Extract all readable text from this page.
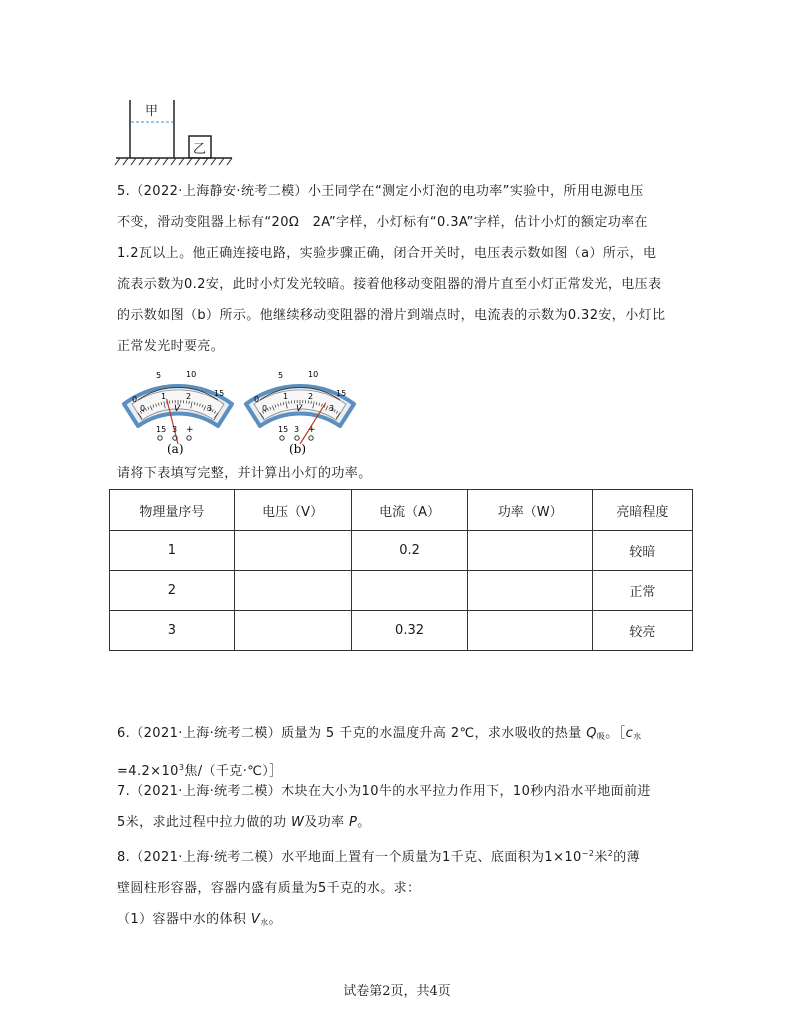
甲
乙

5.（2022·上海静安·统考二模）小王同学在“测定小灯泡的电功率”实验中，所用电源电压

不变，滑动变阻器上标有“20Ω　2A”字样，小灯标有“0.3A”字样，估计小灯的额定功率在

1.2瓦以上。他正确连接电路，实验步骤正确，闭合开关时，电压表示数如图（a）所示，电

流表示数为0.2安，此时小灯发光较暗。接着他移动变阻器的滑片直至小灯正常发光，电压表

的示数如图（b）所示。他继续移动变阻器的滑片到端点时，电流表的示数为0.32安，小灯比

正常发光时要亮。

0
5	10
15
0
1 2
3
V
15 3 +
(a)
0
5	10
15
0
1 2
3
V
15 3 +
(b)
请将下表填写完整，并计算出小灯的功率。
物理量序号	电压（V）	电流（A）	功率（W）	亮暗程度
1		0.2		较暗
2				正常
3		0.32		较亮

6.（2021·上海·统考二模）质量为 5 千克的水温度升高 2℃，求水吸收的热量 $Q_吸$。$[c_水$

$=4.2\times 10^3$焦/（千克·℃）］

7.（2021·上海·统考二模）木块在大小为10牛的水平拉力作用下，10秒内沿水平地面前进

5米，求此过程中拉力做的功 W及功率 P。

8.（2021·上海·统考二模）水平地面上置有一个质量为1千克、底面积为$1\times 10^{-2}$米$^2$的薄

壁圆柱形容器，容器内盛有质量为5千克的水。求：

（1）容器中水的体积 $V_水$。

试卷第2页，共4页
